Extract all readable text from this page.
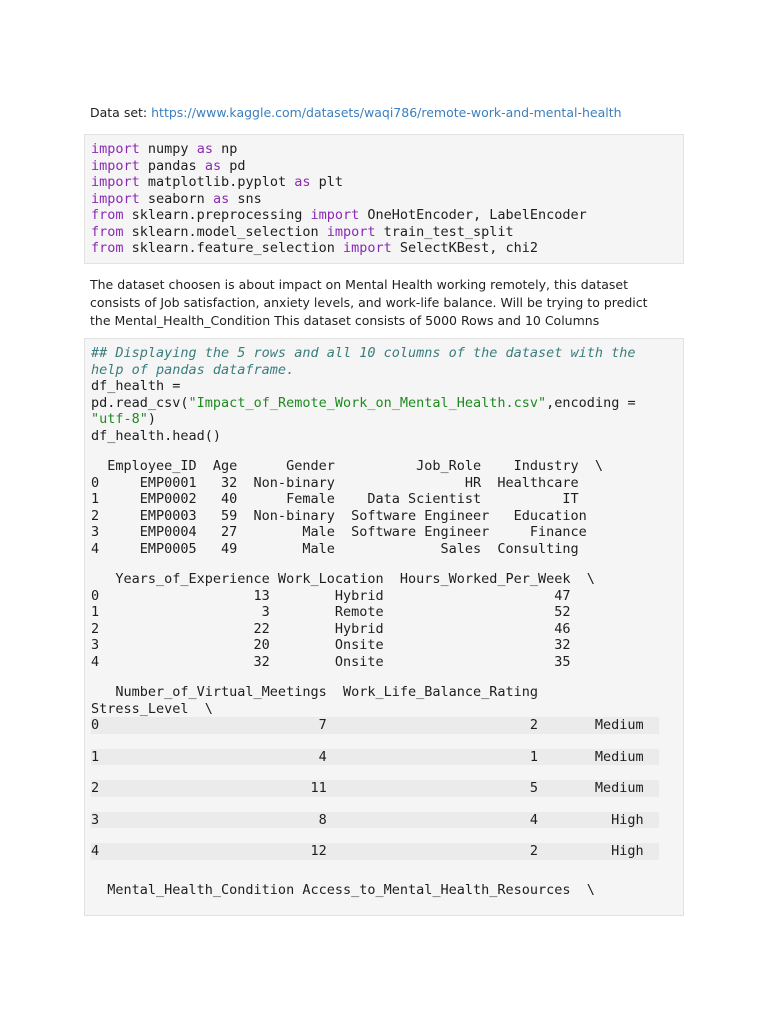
Data set: https://www.kaggle.com/datasets/waqi786/remote-work-and-mental-health
import numpy as np
import pandas as pd
import matplotlib.pyplot as plt
import seaborn as sns
from sklearn.preprocessing import OneHotEncoder, LabelEncoder
from sklearn.model_selection import train_test_split
from sklearn.feature_selection import SelectKBest, chi2
The dataset choosen is about impact on Mental Health working remotely, this dataset consists of Job satisfaction, anxiety levels, and work-life balance. Will be trying to predict the Mental_Health_Condition This dataset consists of 5000 Rows and 10 Columns
## Displaying the 5 rows and all 10 columns of the dataset with the
help of pandas dataframe.
df_health =
pd.read_csv("Impact_of_Remote_Work_on_Mental_Health.csv",encoding =
"utf-8")
df_health.head()
Employee_ID  Age      Gender          Job_Role    Industry  \
0     EMP0001   32  Non-binary                HR  Healthcare
1     EMP0002   40      Female    Data Scientist          IT
2     EMP0003   59  Non-binary  Software Engineer   Education
3     EMP0004   27        Male  Software Engineer     Finance
4     EMP0005   49        Male             Sales  Consulting
Years_of_Experience Work_Location  Hours_Worked_Per_Week  \
0                   13        Hybrid                     47
1                    3        Remote                     52
2                   22        Hybrid                     46
3                   20        Onsite                     32
4                   32        Onsite                     35
Number_of_Virtual_Meetings  Work_Life_Balance_Rating
Stress_Level  \
0                           7                         2       Medium
1                           4                         1       Medium
2                          11                         5       Medium
3                           8                         4         High
4                          12                         2         High
Mental_Health_Condition Access_to_Mental_Health_Resources  \
